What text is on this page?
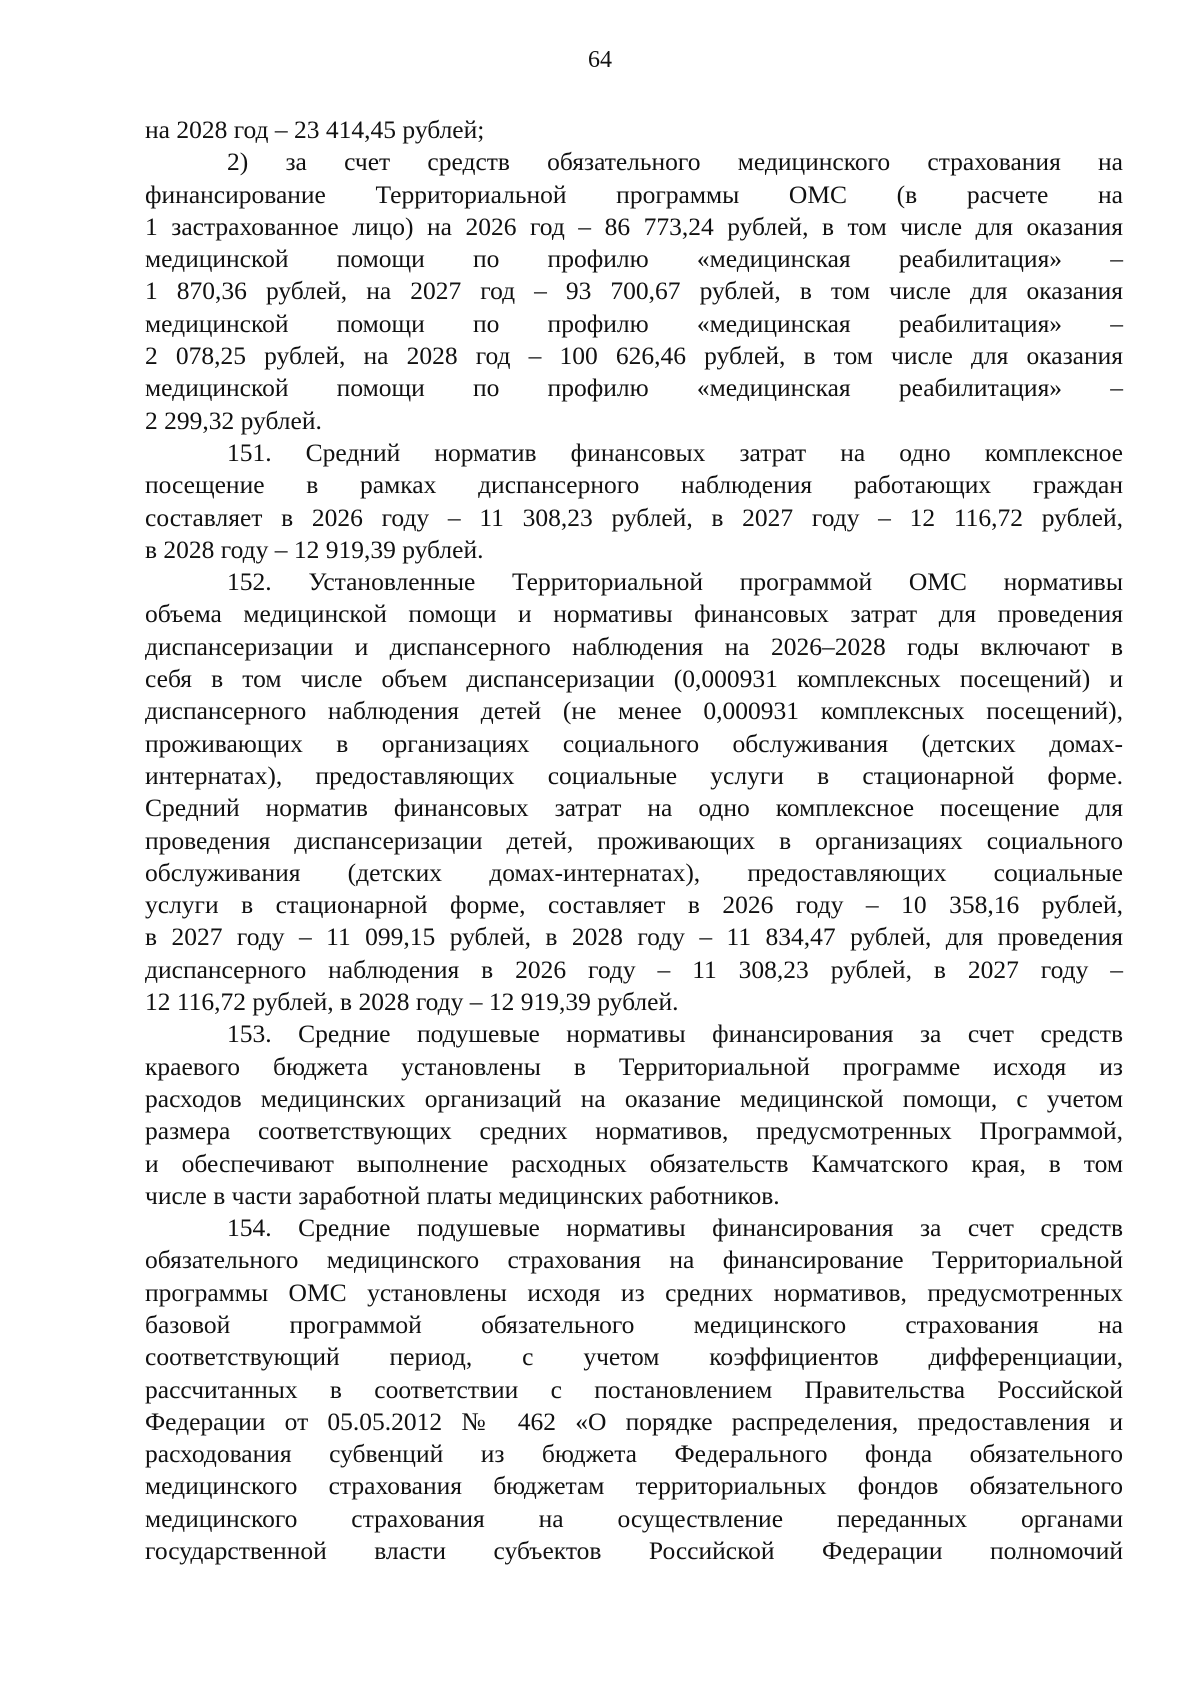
64
на 2028 год – 23 414,45 рублей;
2) за счет средств обязательного медицинского страхования на
финансирование Территориальной программы ОМС (в расчете на
1 застрахованное лицо) на 2026 год – 86 773,24 рублей, в том числе для оказания
медицинской помощи по профилю «медицинская реабилитация» –
1 870,36 рублей, на 2027 год – 93 700,67 рублей, в том числе для оказания
медицинской помощи по профилю «медицинская реабилитация» –
2 078,25 рублей, на 2028 год – 100 626,46 рублей, в том числе для оказания
медицинской помощи по профилю «медицинская реабилитация» –
2 299,32 рублей.
151. Средний норматив финансовых затрат на одно комплексное
посещение в рамках диспансерного наблюдения работающих граждан
составляет в 2026 году – 11 308,23 рублей, в 2027 году – 12 116,72 рублей,
в 2028 году – 12 919,39 рублей.
152. Установленные Территориальной программой ОМС нормативы
объема медицинской помощи и нормативы финансовых затрат для проведения
диспансеризации и диспансерного наблюдения на 2026–2028 годы включают в
себя в том числе объем диспансеризации (0,000931 комплексных посещений) и
диспансерного наблюдения детей (не менее 0,000931 комплексных посещений),
проживающих в организациях социального обслуживания (детских домах-
интернатах), предоставляющих социальные услуги в стационарной форме.
Средний норматив финансовых затрат на одно комплексное посещение для
проведения диспансеризации детей, проживающих в организациях социального
обслуживания (детских домах-интернатах), предоставляющих социальные
услуги в стационарной форме, составляет в 2026 году – 10 358,16 рублей,
в 2027 году – 11 099,15 рублей, в 2028 году – 11 834,47 рублей, для проведения
диспансерного наблюдения в 2026 году – 11 308,23 рублей, в 2027 году –
12 116,72 рублей, в 2028 году – 12 919,39 рублей.
153. Средние подушевые нормативы финансирования за счет средств
краевого бюджета установлены в Территориальной программе исходя из
расходов медицинских организаций на оказание медицинской помощи, с учетом
размера соответствующих средних нормативов, предусмотренных Программой,
и обеспечивают выполнение расходных обязательств Камчатского края, в том
числе в части заработной платы медицинских работников.
154. Средние подушевые нормативы финансирования за счет средств
обязательного медицинского страхования на финансирование Территориальной
программы ОМС установлены исходя из средних нормативов, предусмотренных
базовой программой обязательного медицинского страхования на
соответствующий период, с учетом коэффициентов дифференциации,
рассчитанных в соответствии с постановлением Правительства Российской
Федерации от 05.05.2012 № 462 «О порядке распределения, предоставления и
расходования субвенций из бюджета Федерального фонда обязательного
медицинского страхования бюджетам территориальных фондов обязательного
медицинского страхования на осуществление переданных органами
государственной власти субъектов Российской Федерации полномочий
